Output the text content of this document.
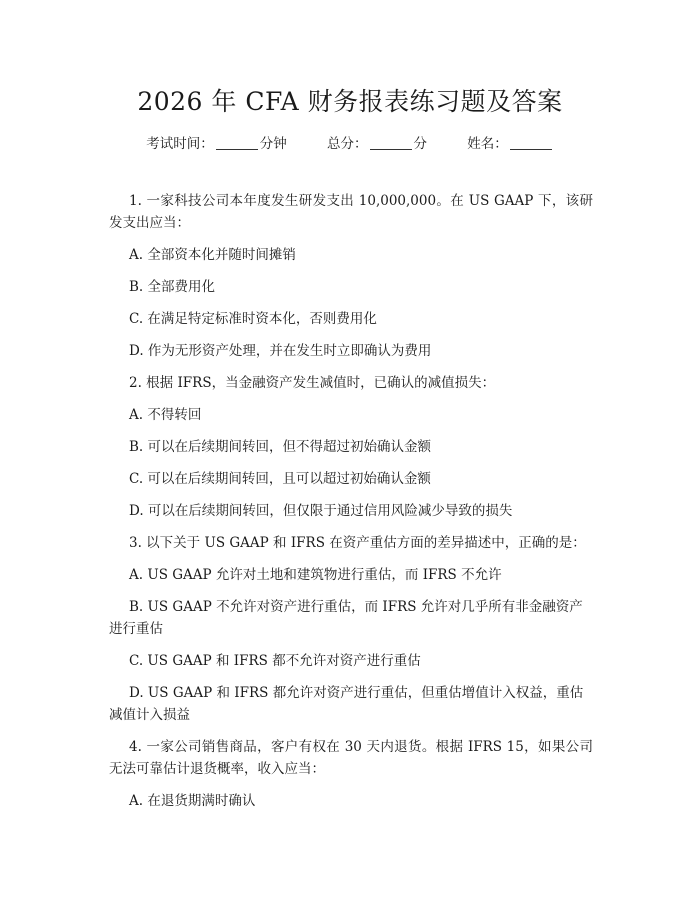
2026 年 CFA 财务报表练习题及答案
考试时间：	分钟	总分：	分	姓名：

1. 一家科技公司本年度发生研发支出 10,000,000。在 US GAAP 下，该研发支出应当：

A. 全部资本化并随时间摊销

B. 全部费用化

C. 在满足特定标准时资本化，否则费用化

D. 作为无形资产处理，并在发生时立即确认为费用

2. 根据 IFRS，当金融资产发生减值时，已确认的减值损失：

A. 不得转回

B. 可以在后续期间转回，但不得超过初始确认金额

C. 可以在后续期间转回，且可以超过初始确认金额

D. 可以在后续期间转回，但仅限于通过信用风险减少导致的损失

3. 以下关于 US GAAP 和 IFRS 在资产重估方面的差异描述中，正确的是：

A. US GAAP 允许对土地和建筑物进行重估，而 IFRS 不允许

B. US GAAP 不允许对资产进行重估，而 IFRS 允许对几乎所有非金融资产进行重估

C. US GAAP 和 IFRS 都不允许对资产进行重估

D. US GAAP 和 IFRS 都允许对资产进行重估，但重估增值计入权益，重估减值计入损益

4. 一家公司销售商品，客户有权在 30 天内退货。根据 IFRS 15，如果公司无法可靠估计退货概率，收入应当：

A. 在退货期满时确认
